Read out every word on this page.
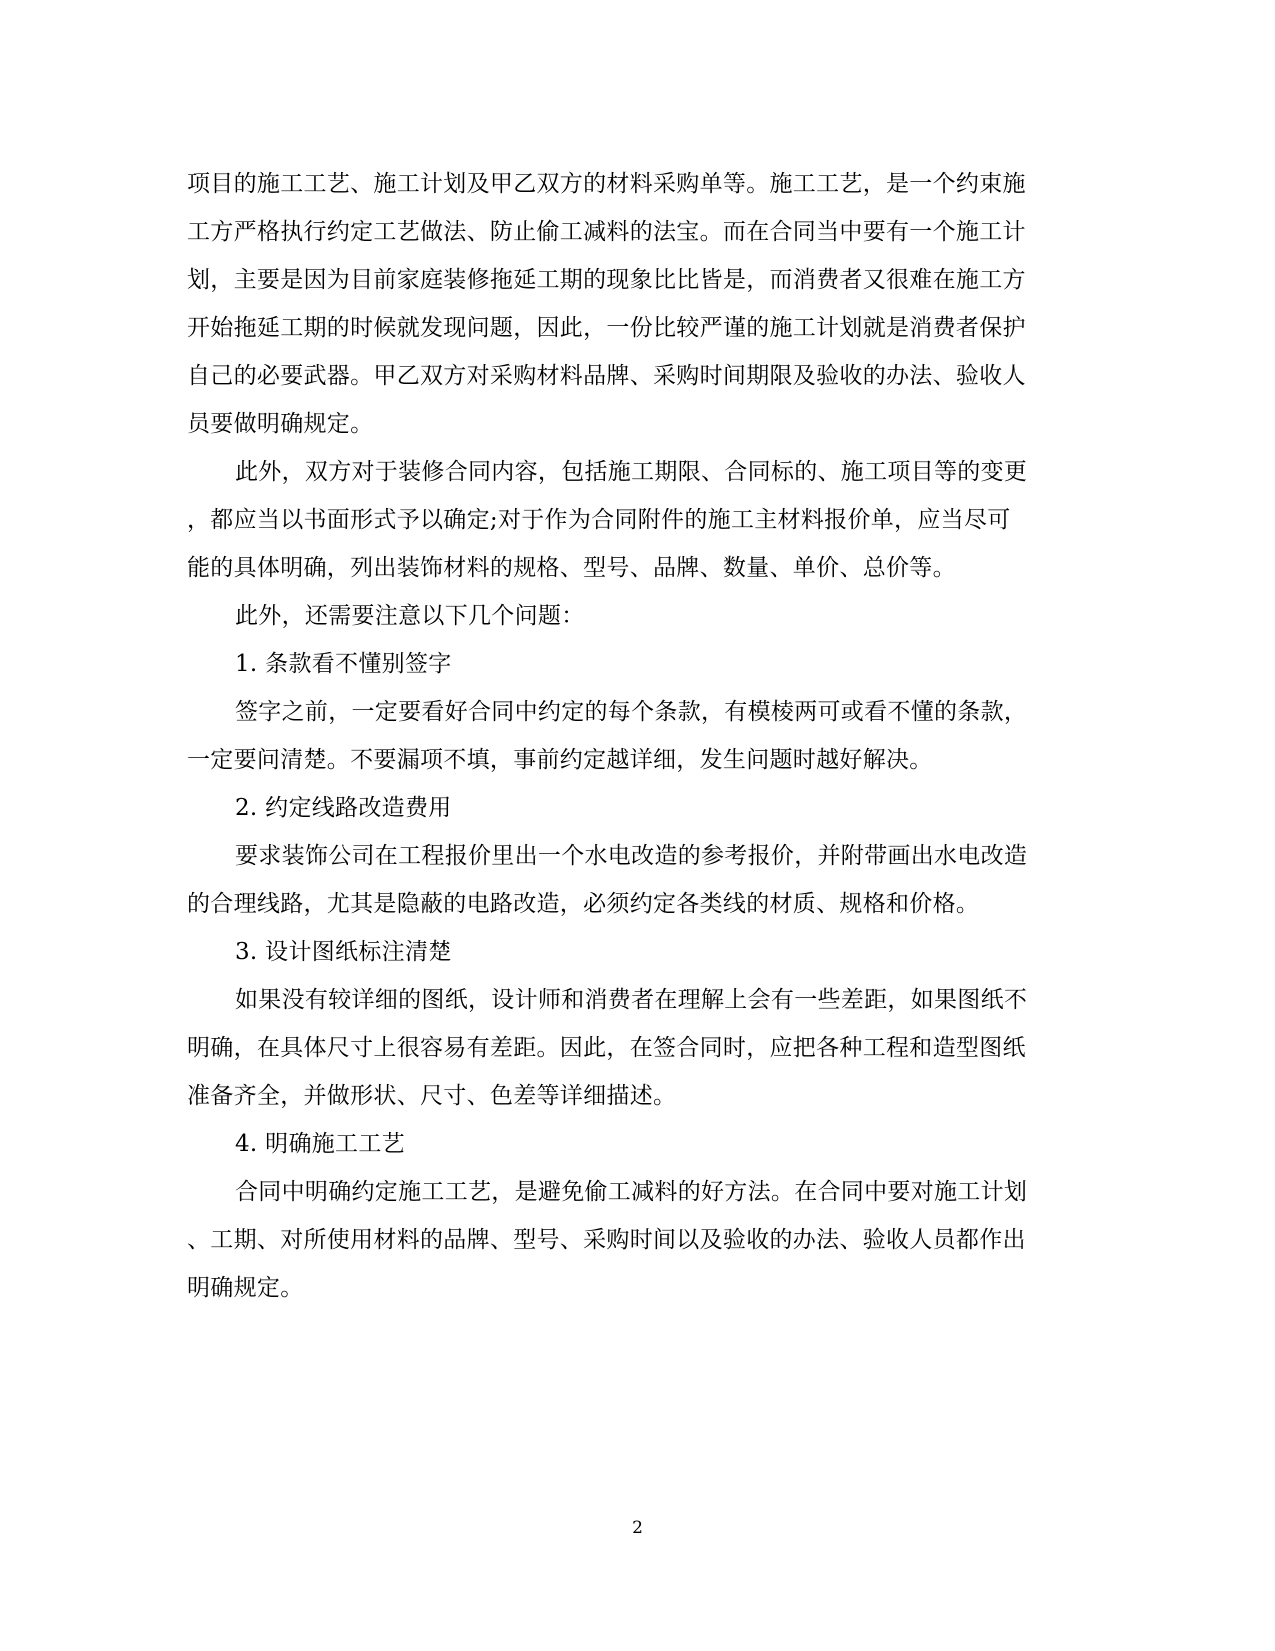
项目的施工工艺、施工计划及甲乙双方的材料采购单等。施工工艺，是一个约束施
工方严格执行约定工艺做法、防止偷工减料的法宝。而在合同当中要有一个施工计
划，主要是因为目前家庭装修拖延工期的现象比比皆是，而消费者又很难在施工方
开始拖延工期的时候就发现问题，因此，一份比较严谨的施工计划就是消费者保护
自己的必要武器。甲乙双方对采购材料品牌、采购时间期限及验收的办法、验收人
员要做明确规定。
此外，双方对于装修合同内容，包括施工期限、合同标的、施工项目等的变更
，都应当以书面形式予以确定;对于作为合同附件的施工主材料报价单，应当尽可
能的具体明确，列出装饰材料的规格、型号、品牌、数量、单价、总价等。
此外，还需要注意以下几个问题：
1. 条款看不懂别签字
签字之前，一定要看好合同中约定的每个条款，有模棱两可或看不懂的条款，
一定要问清楚。不要漏项不填，事前约定越详细，发生问题时越好解决。
2. 约定线路改造费用
要求装饰公司在工程报价里出一个水电改造的参考报价，并附带画出水电改造
的合理线路，尤其是隐蔽的电路改造，必须约定各类线的材质、规格和价格。
3. 设计图纸标注清楚
如果没有较详细的图纸，设计师和消费者在理解上会有一些差距，如果图纸不
明确，在具体尺寸上很容易有差距。因此，在签合同时，应把各种工程和造型图纸
准备齐全，并做形状、尺寸、色差等详细描述。
4. 明确施工工艺
合同中明确约定施工工艺，是避免偷工减料的好方法。在合同中要对施工计划
、工期、对所使用材料的品牌、型号、采购时间以及验收的办法、验收人员都作出
明确规定。
2
